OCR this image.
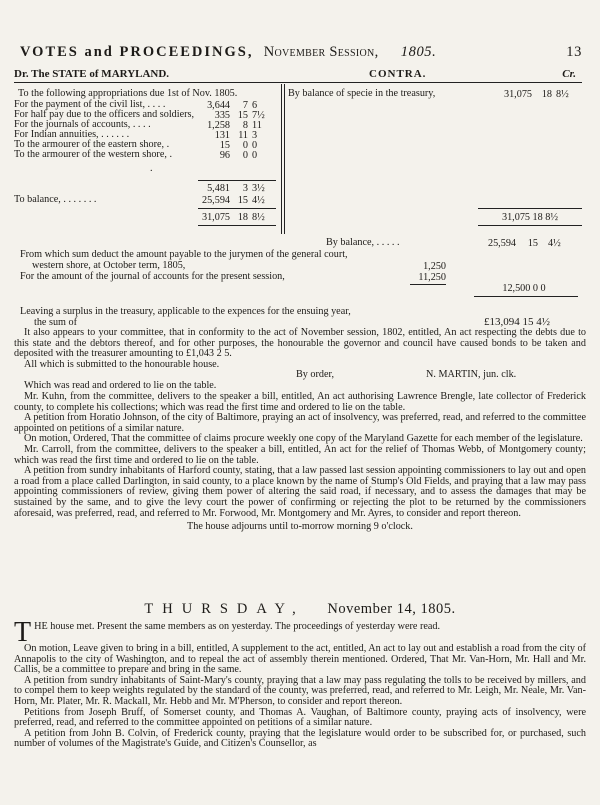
VOTES and PROCEEDINGS, November Session, 1805.	13
Dr. The STATE of MARYLAND.	CONTRA.	Cr.
To the following appropriations due 1st of Nov. 1805.
For the payment of the civil list, . . . .	3,644	7 6
For half pay due to the officers and soldiers,	335 15 7½
For the journals of accounts, . . . .	1,258	8 11
For Indian annuities, . . . . . .	131 11 3
To the armourer of the eastern shore, .	15	0 0
To the armourer of the western shore, .	96	0 0
.
5,481	3 3½
To balance, . . . . . . .	25,594 15 4½
31,075 18 8½
By balance of specie in the treasury,	31,075 18 8½
31,075 18 8½
By balance, . . . . .	25,594	15 4½
From which sum deduct the amount payable to the jurymen of the general court,
western shore, at October term, 1805,	1,250
For the amount of the journal of accounts for the present session,	11,250
12,500 0 0
Leaving a surplus in the treasury, applicable to the expences for the ensuing year,
the sum of	£13,094 15 4½

It also appears to your committee, that in conformity to the act of November session, 1802, entitled, An act respecting the debts due to this state and the debtors thereof, and for other purposes, the honourable the governor and council have caused bonds to be taken and deposited with the treasurer amounting to £1,043 2 5.

All which is submitted to the honourable house.

By order,	N. MARTIN, jun. clk.

Which was read and ordered to lie on the table.

Mr. Kuhn, from the committee, delivers to the speaker a bill, entitled, An act authorising Lawrence Brengle, late collector of Frederick county, to complete his collections; which was read the first time and ordered to lie on the table.

A petition from Horatio Johnson, of the city of Baltimore, praying an act of insolvency, was preferred, read, and referred to the committee appointed on petitions of a similar nature.

On motion, Ordered, That the committee of claims procure weekly one copy of the Maryland Gazette for each member of the legislature.

Mr. Carroll, from the committee, delivers to the speaker a bill, entitled, An act for the relief of Thomas Webb, of Montgomery county; which was read the first time and ordered to lie on the table.

A petition from sundry inhabitants of Harford county, stating, that a law passed last session appointing commissioners to lay out and open a road from a place called Darlington, in said county, to a place known by the name of Stump's Old Fields, and praying that a law may pass appointing commissioners of review, giving them power of altering the said road, if necessary, and to assess the damages that may be sustained by the same, and to give the levy court the power of confirming or rejecting the plot to be returned by the commissioners aforesaid, was preferred, read, and referred to Mr. Forwood, Mr. Montgomery and Mr. Ayres, to consider and report thereon.

The house adjourns until to-morrow morning 9 o'clock.

THURSDAY, November 14, 1805.

T HE house met. Present the same members as on yesterday. The proceedings of yesterday were read.

On motion, Leave given to bring in a bill, entitled, A supplement to the act, entitled, An act to lay out and establish a road from the city of Annapolis to the city of Washington, and to repeal the act of assembly therein mentioned. Ordered, That Mr. Van-Horn, Mr. Hall and Mr. Callis, be a committee to prepare and bring in the same.

A petition from sundry inhabitants of Saint-Mary's county, praying that a law may pass regulating the tolls to be received by millers, and to compel them to keep weights regulated by the standard of the county, was preferred, read, and referred to Mr. Leigh, Mr. Neale, Mr. Van-Horn, Mr. Plater, Mr. R. Mackall, Mr. Hebb and Mr. M'Pherson, to consider and report thereon.

Petitions from Joseph Bruff, of Somerset county, and Thomas A. Vaughan, of Baltimore county, praying acts of insolvency, were preferred, read, and referred to the committee appointed on petitions of a similar nature.

A petition from John B. Colvin, of Frederick county, praying that the legislature would order to be subscribed for, or purchased, such number of volumes of the Magistrate's Guide, and Citizen's Counsellor, as
